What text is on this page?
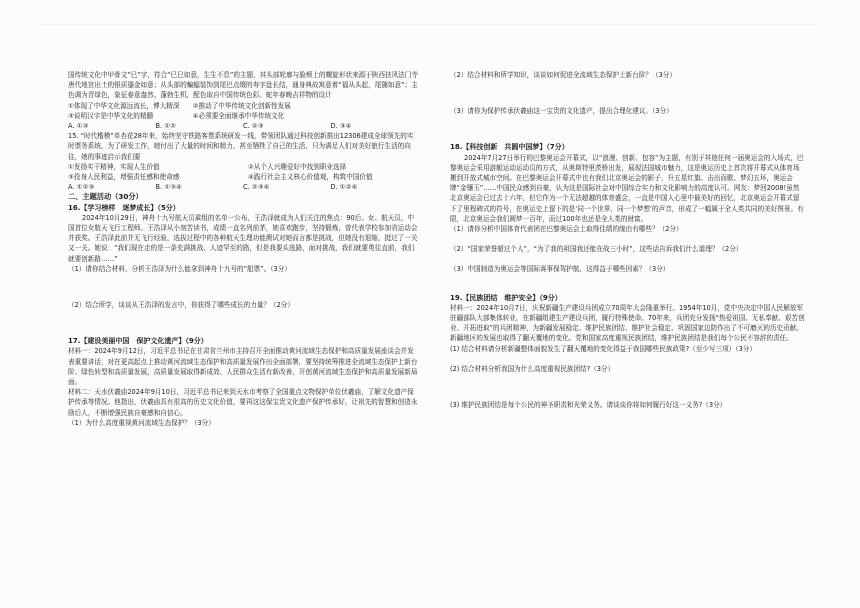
国传统文化中甲骨文“巳”字，符合“巳巳如意，生生不息”的主题，其头部轮廓与脸颊上的螺旋形状来源于陕西扶风法门寺唐代地宫出土的银质鎏金如意；从头部的蝙蝠装饰到尾巴点缀的寿字盘长结，通身典故寓意着“福从头起，尾随如意”；主色调为青绿色，象征春意盎然、蓬勃生机，配色取自中国传统色彩。蛇年春晚吉祥物的设计

①体现了中华文化源远流长，博大精深　　②推动了中华传统文化创新性发展

③说明汉字是中华文化的精髓　　　　　　④必须要全面继承中华传统文化

A. ①③	B. ①②	C. ②③	D. ③④

15. “时代楷模”单杏花28年来，始终坚守铁路客票系统研发一线，带领团队通过科技创新推出12306建成全球领先的实时票务系统，为了研发工作，她付出了大量的时间和精力，甚至牺牲了自己的生活，只为满足人们对美好旅行生活的向往，她的事迹启示我们要

①发扬实干精神，实现人生价值	②从个人兴趣爱好中找到职业选择
③投身人民利益，增强责任感和使命感	④践行社会主义核心价值观，构筑中国价值
A. ①②③	B. ①③④	C. ②③④	D. ①②④

二、主题活动（30分）

16.【学习榜样　逐梦成长】（5分）

2024年10月29日，神舟十九号航天员乘组的名单一公布，王浩泽就成为人们关注的焦点：90后、女、航天员，中国首位女航天飞行工程师。王浩泽从小刻苦读书，成绩一直名列前茅，她喜欢跑步，坚持锻炼，曾代表学校参加省运动会并获奖。王浩泽此前并无飞行经验，选拔过程中的各种航天生理功能测试对她而言都是挑战，但她没有退缩，挺过了一关又一关。她说：“我们现在走的是一条充满挑战、人迹罕至的路，但是我要头选路，面对挑战，我们就要勇往直前，我们就要创新路……”

（1）请你结合材料，分析王浩泽为什么能拿到神舟十九号的“船票”。（3分）

（2）结合所学，谈谈从王浩泽的发言中，你获得了哪些成长的力量？（2分）

17.【建设美丽中国　保护文化遗产】（9分）

材料一：2024年9月12日，习近平总书记在甘肃省兰州市主持召开全面推动黄河流域生态保护和高质量发展座谈会并发表重要讲话，对在更高起点上推动黄河流域生态保护和高质量发展作出全面部署，要坚持统筹推进全流域生态保护上新台阶、绿色转型和高质量发展，高质量发展取得新成效、人民群众生活有新改善，开创黄河流域生态保护和高质量发展新局面。

材料二：天水伏羲庙2024年9月10日，习近平总书记来到天水市考察了全国重点文物保护单位伏羲庙，了解文化遗产保护传承等情况。他指出，伏羲庙具有很高的历史文化价值，要再这这保宝贵文化遗产保护传承好，让祖先的智慧和创造永励后人，不断增强民族自豪感和自信心。

（1）为什么高度重视黄河流域生态保护？（3分）

（2）结合材料和所学知识，谈谈如何促进全流域生态保护上新台阶？（3分）

（3）请你为保护传承伏羲庙这一宝贵的文化遗产，提出合理化建议。（3分）

18.【科技创新　共圆中国梦】（7分）

2024年7月27日举行的巴黎奥运会开幕式，以“浪漫、创新、包容”为主题，有别于其他任何一届奥运会的入场式，巴黎奥运会采用游艇运动运动员的方式，从奥斯特里茨桥出发，展现法国城市魅力，这是奥运历史上首次将开幕式从体育场搬到开放式城市空间。在巴黎奥运会开幕式中也有我们北京奥运会的影子，升五星红旗、击出而歌、梦幻五环，奥运会牌“金镶玉”……中国民众感到自豪，认为这是国际社会对中国综合实力和文化影响力的高度认可。网友：梦回2008!虽然北京奥运会已过去十六年，但它作为一个无法超越的体育盛会，一直是中国人心里中最美好的回忆，北京奥运会开幕式留下了里程碑式的符号，在奥运史上留下的是‘同一个世界，同一个梦想’的声音，形成了一幅属于全人类共同的美好图景。有限，北京奥运会我们圆梦一百年，而过100年也还是全人类的财富。

（1）请你分析中国体育代表团在巴黎奥运会上取得佳绩的缘由有哪些？（2分）

（2）“国家荣誉超过个人”，“为了我的祖国我还能在战三小时”，这些话告诉我们什么道理？（2分）

（3）中国制造为奥运会等国际赛事保驾护航，这得益于哪些因素？（3分）

19.【民族团结　维护安全】（9分）

材料一：2024年10月7日，庆祝新疆生产建设兵团成立70周年大会隆重举行。1954年10月，党中央决定中国人民解放军驻疆部队大部集体转业，在新疆组建生产建设兵团，履行特殊使命。70年来，兵团充分发扬“热爱祖国、无私奉献、艰苦创业、开拓进取”的兵团精神，为新疆发展稳定、维护民族团结、维护社会稳定、巩固国家边防作出了不可磨灭的历史贡献。新疆地区的发展也取得了翻天覆地的变化。党和国家高度重视民族团结，维护民族团结是我们每个公民不容辞的责任。

(1) 结合材料请分析新疆整体面貌发生了翻天覆地的变化得益于我国哪些民族政策?（至少写三项）（3分）

(2) 结合材料分析我国为什么高度重视民族团结?（3分）

(3) 维护民族团结是每个公民的神圣职责和光荣义务。请谈谈你将如何履行好这一义务?（3分）
